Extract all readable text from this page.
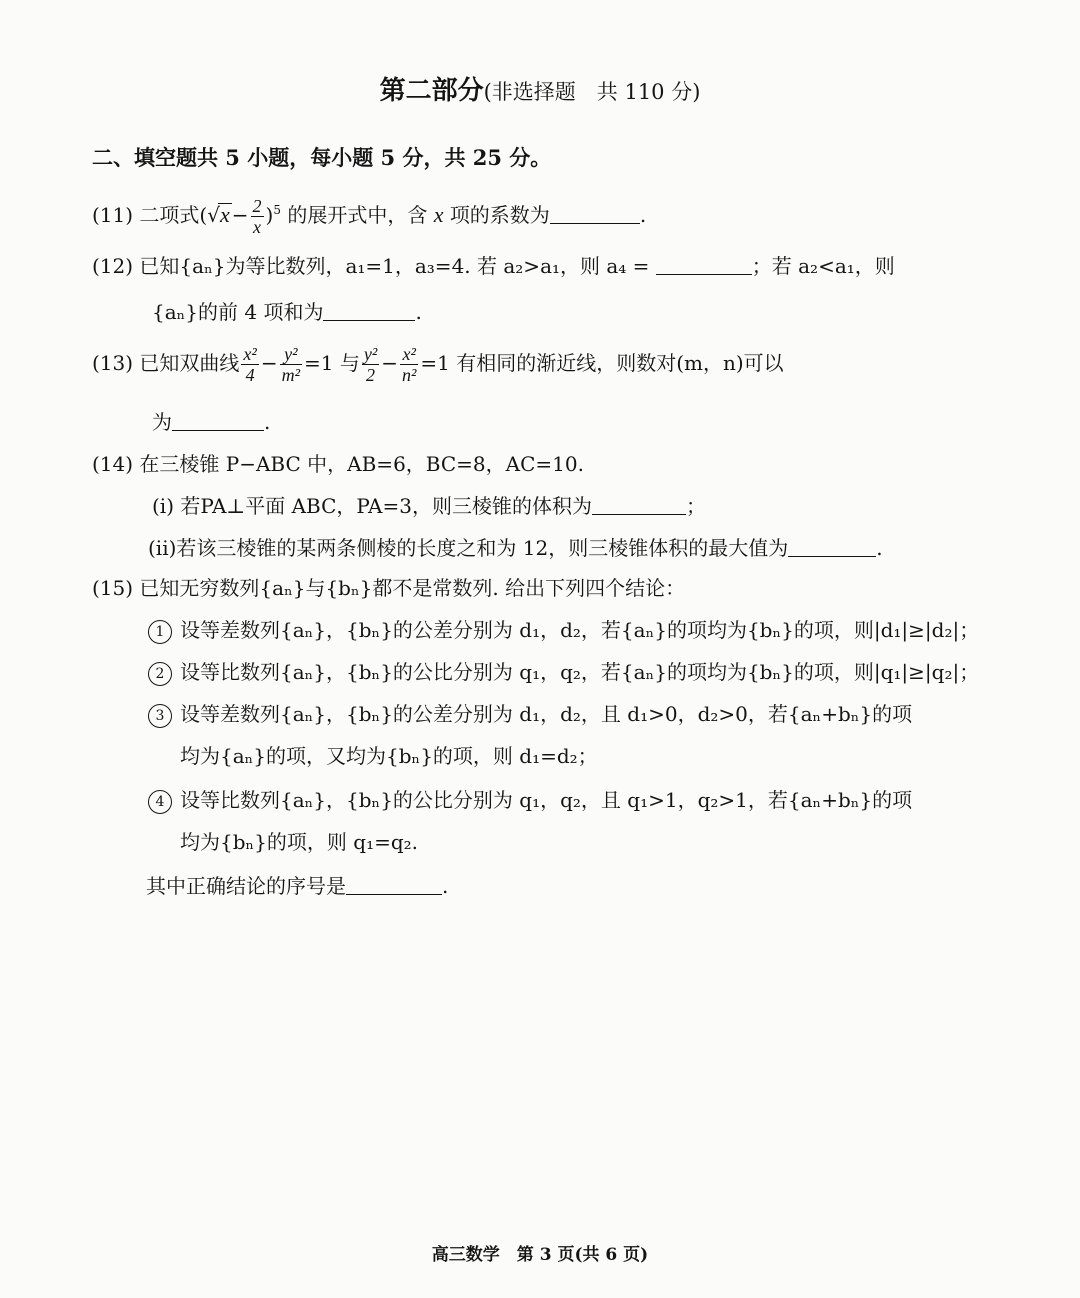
第二部分(非选择题　共 110 分)
二、填空题共 5 小题，每小题 5 分，共 25 分。
(11) 二项式$(√x - \frac{2}{x} )^5$ 的展开式中，含 x 项的系数为	.
(12) 已知{aₙ}为等比数列，a₁=1，a₃=4. 若 a₂>a₁，则 a₄ =	；若 a₂<a₁，则
{aₙ}的前 4 项和为	.
(13) 已知双曲线 $\frac{\text{x²}}{4} - \frac{\text{y²}}{\text{m²}} =1$ 与 $\frac{\text{y²}}{2} - \frac{\text{x²}}{\text{n²}} =1$ 有相同的渐近线，则数对(m，n)可以
为	.
(14) 在三棱锥 P−ABC 中，AB=6，BC=8，AC=10.
(i) 若PA⊥平面 ABC，PA=3，则三棱锥的体积为	；
(ii)若该三棱锥的某两条侧棱的长度之和为 12，则三棱锥体积的最大值为	.
(15) 已知无穷数列{aₙ}与{bₙ}都不是常数列. 给出下列四个结论：
1 设等差数列{aₙ}，{bₙ}的公差分别为 d₁，d₂，若{aₙ}的项均为{bₙ}的项，则|d₁|≥|d₂|；
2 设等比数列{aₙ}，{bₙ}的公比分别为 q₁，q₂，若{aₙ}的项均为{bₙ}的项，则|q₁|≥|q₂|；
3 设等差数列{aₙ}，{bₙ}的公差分别为 d₁，d₂，且 d₁>0，d₂>0，若{aₙ+bₙ}的项
均为{aₙ}的项，又均为{bₙ}的项，则 d₁=d₂；
4 设等比数列{aₙ}，{bₙ}的公比分别为 q₁，q₂，且 q₁>1，q₂>1，若{aₙ+bₙ}的项
均为{bₙ}的项，则 q₁=q₂.
其中正确结论的序号是	.
高三数学　第 3 页(共 6 页)
